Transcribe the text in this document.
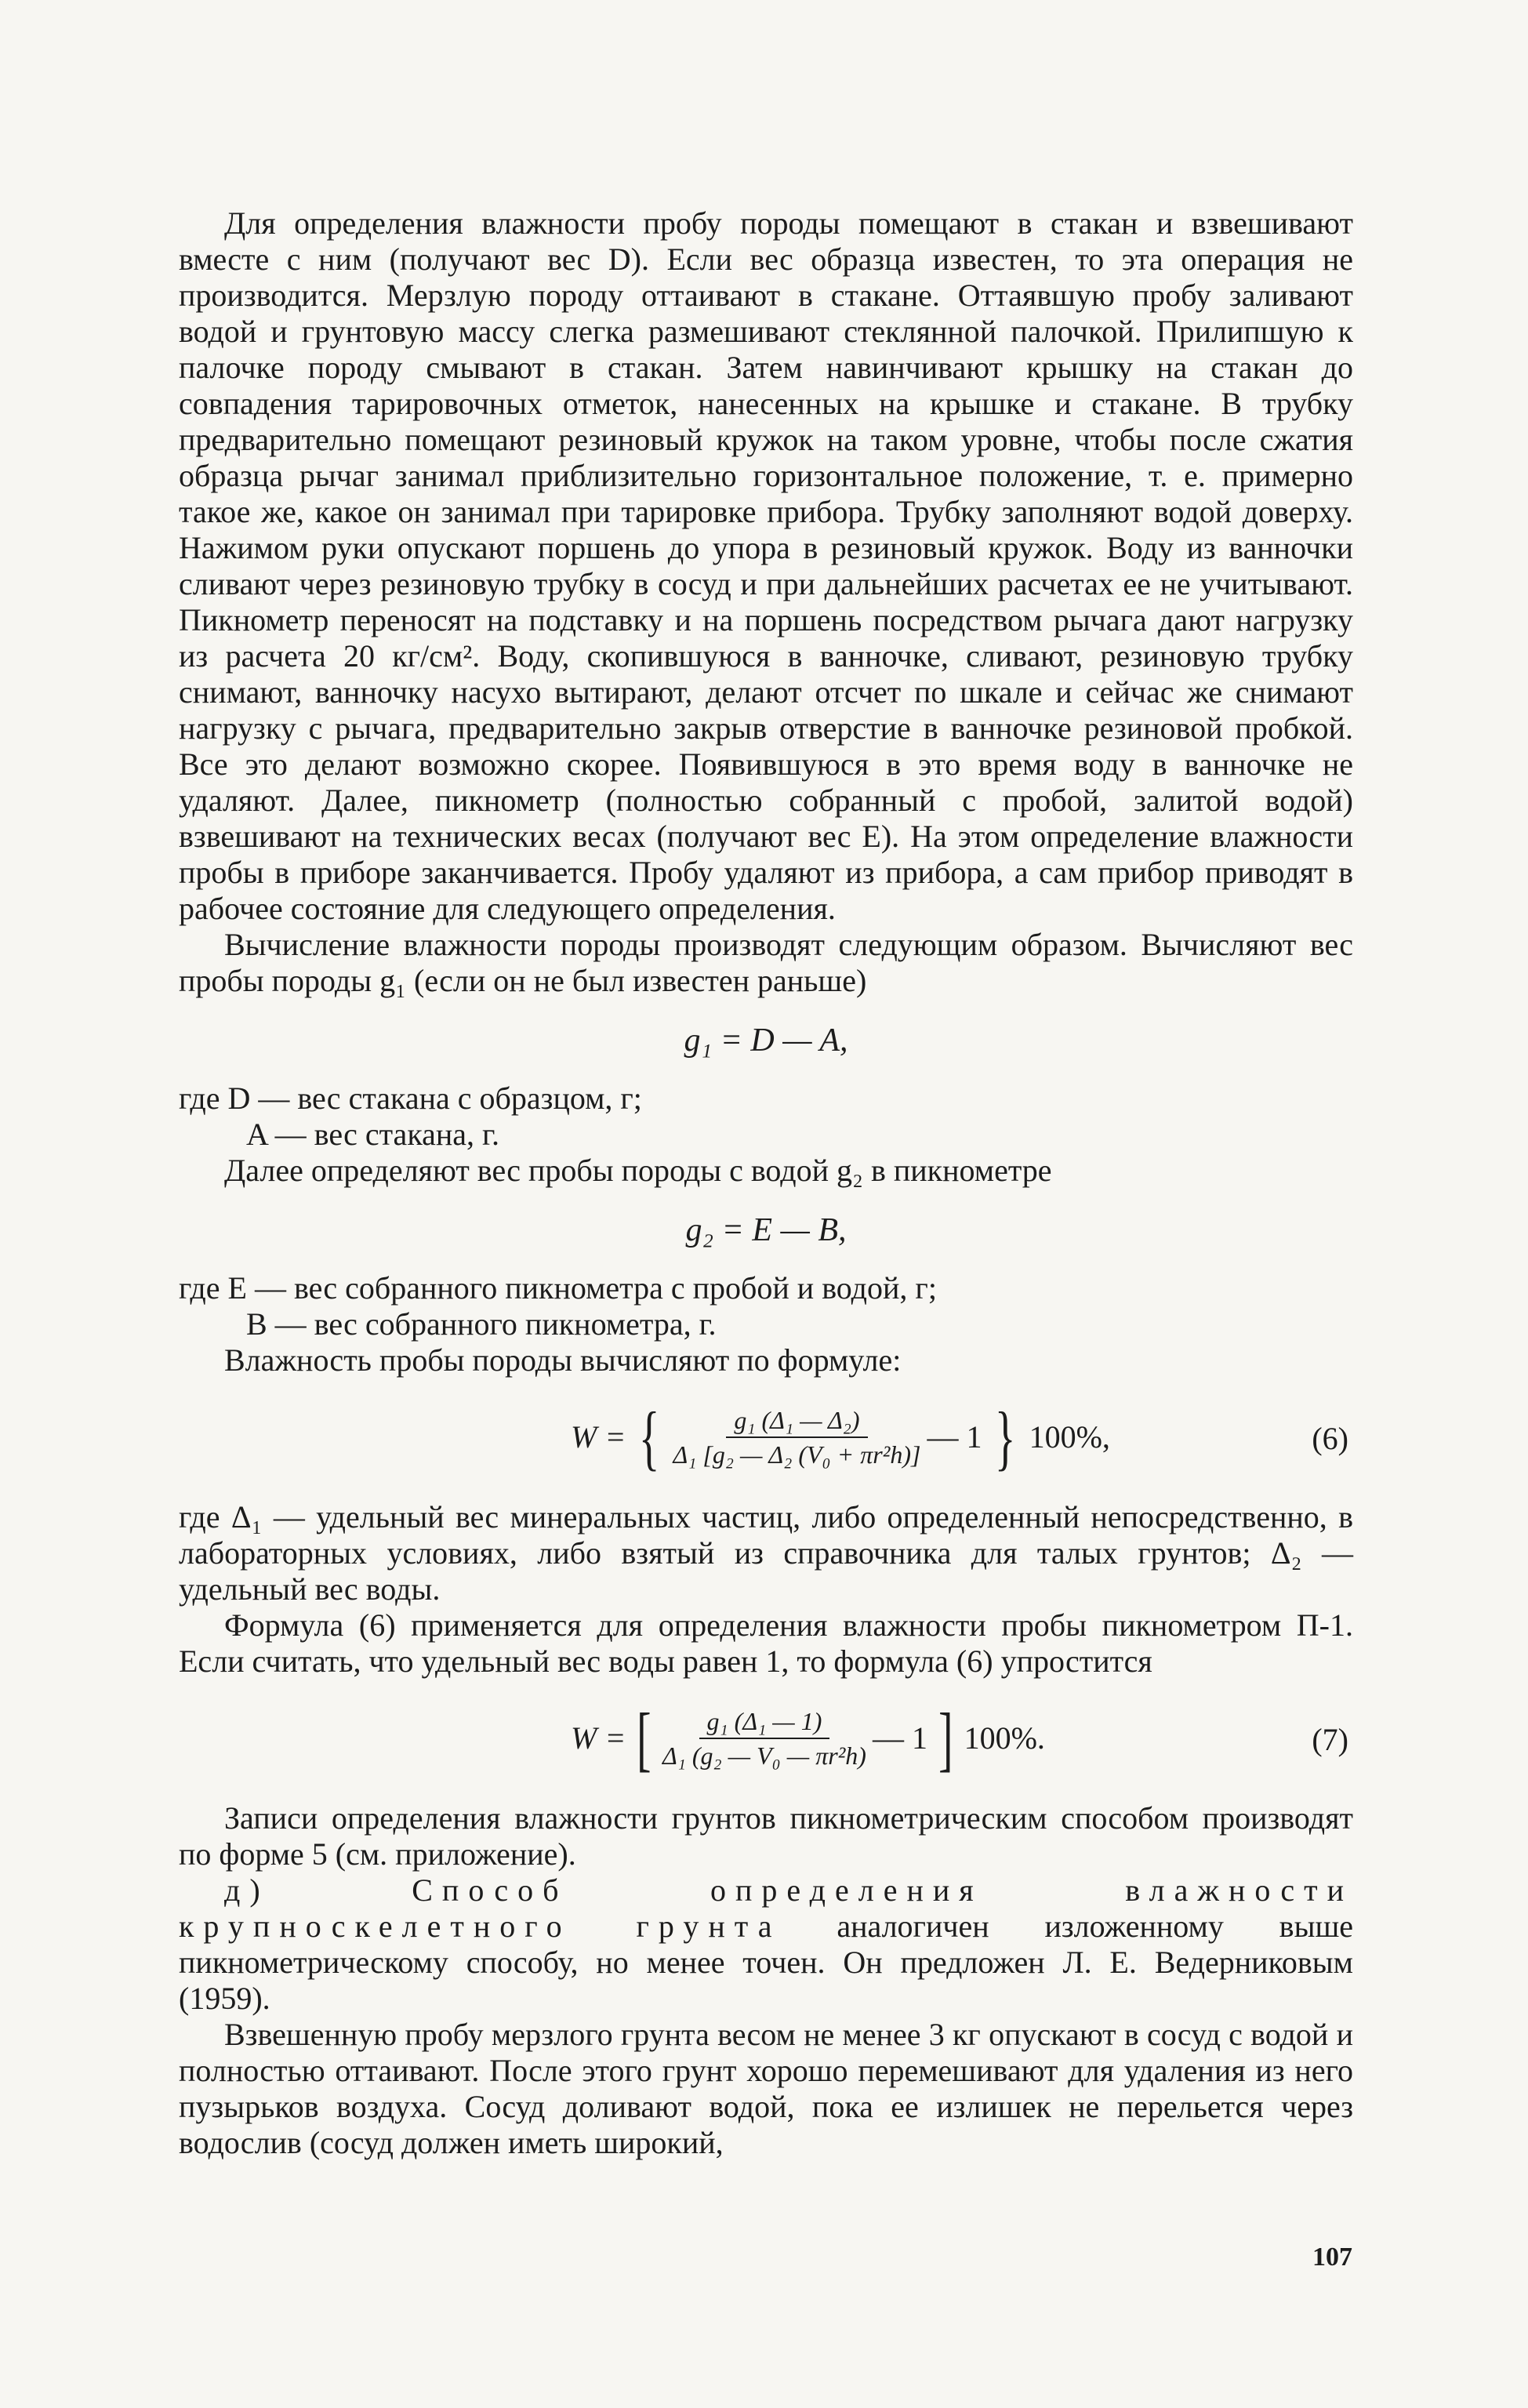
Для определения влажности пробу породы помещают в стакан и взвешивают вместе с ним (получают вес D). Если вес образца известен, то эта операция не производится. Мерзлую породу оттаивают в стакане. Оттаявшую пробу заливают водой и грунтовую массу слегка размешивают стеклянной палочкой. Прилипшую к палочке породу смывают в стакан. Затем навинчивают крышку на стакан до совпадения тарировочных отметок, нанесенных на крышке и стакане. В трубку предварительно помещают резиновый кружок на таком уровне, чтобы после сжатия образца рычаг занимал приблизительно горизонтальное положение, т. е. примерно такое же, какое он занимал при тарировке прибора. Трубку заполняют водой доверху. Нажимом руки опускают поршень до упора в резиновый кружок. Воду из ванночки сливают через резиновую трубку в сосуд и при дальнейших расчетах ее не учитывают. Пикнометр переносят на подставку и на поршень посредством рычага дают нагрузку из расчета 20 кг/см². Воду, скопившуюся в ванночке, сливают, резиновую трубку снимают, ванночку насухо вытирают, делают отсчет по шкале и сейчас же снимают нагрузку с рычага, предварительно закрыв отверстие в ванночке резиновой пробкой. Все это делают возможно скорее. Появившуюся в это время воду в ванночке не удаляют. Далее, пикнометр (полностью собранный с пробой, залитой водой) взвешивают на технических весах (получают вес E). На этом определение влажности пробы в приборе заканчивается. Пробу удаляют из прибора, а сам прибор приводят в рабочее состояние для следующего определения.

Вычисление влажности породы производят следующим образом. Вычисляют вес пробы породы g₁ (если он не был известен раньше)

g₁ = D — A,

где D — вес стакана с образцом, г;

A — вес стакана, г.

Далее определяют вес пробы породы с водой g₂ в пикнометре

g₂ = E — B,

где E — вес собранного пикнометра с пробой и водой, г;

B — вес собранного пикнометра, г.

Влажность пробы породы вычисляют по формуле:

W = { $\frac{\text{g₁ (Δ₁ — Δ₂)}}{\text{Δ₁ [g₂ — Δ₂ (V₀ + πr²h)]}}$ — 1 } 100%,	(6)

где Δ₁ — удельный вес минеральных частиц, либо определенный непосредственно, в лабораторных условиях, либо взятый из справочника для талых грунтов; Δ₂ — удельный вес воды.

Формула (6) применяется для определения влажности пробы пикнометром П-1. Если считать, что удельный вес воды равен 1, то формула (6) упростится

W = [ $\frac{\text{g₁ (Δ₁ — 1)}}{\text{Δ₁ (g₂ — V₀ — πr²h)}}$ — 1 ] 100%.	(7)

Записи определения влажности грунтов пикнометрическим способом производят по форме 5 (см. приложение).

д) Способ определения влажности крупноскелетного грунта аналогичен изложенному выше пикнометрическому способу, но менее точен. Он предложен Л. Е. Ведерниковым (1959).

Взвешенную пробу мерзлого грунта весом не менее 3 кг опускают в сосуд с водой и полностью оттаивают. После этого грунт хорошо перемешивают для удаления из него пузырьков воздуха. Сосуд доливают водой, пока ее излишек не перельется через водослив (сосуд должен иметь широкий,

107
